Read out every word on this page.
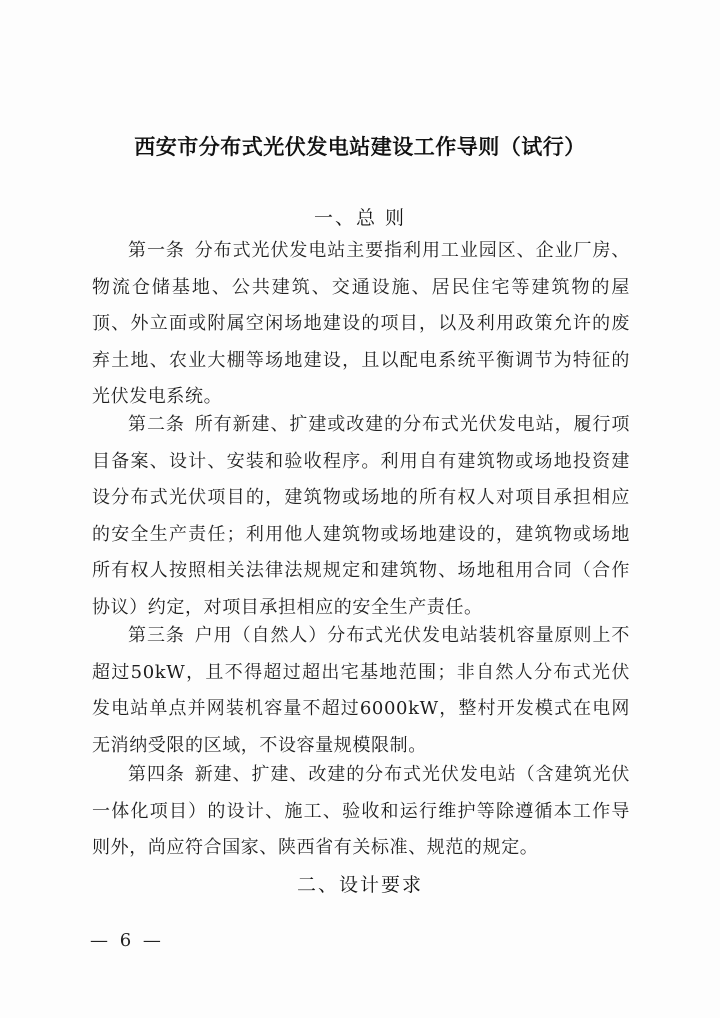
西安市分布式光伏发电站建设工作导则（试行）
一、总 则

第一条 分布式光伏发电站主要指利用工业园区、企业厂房、物流仓储基地、公共建筑、交通设施、居民住宅等建筑物的屋顶、外立面或附属空闲场地建设的项目，以及利用政策允许的废弃土地、农业大棚等场地建设，且以配电系统平衡调节为特征的光伏发电系统。

第二条 所有新建、扩建或改建的分布式光伏发电站，履行项目备案、设计、安装和验收程序。利用自有建筑物或场地投资建设分布式光伏项目的，建筑物或场地的所有权人对项目承担相应的安全生产责任；利用他人建筑物或场地建设的，建筑物或场地所有权人按照相关法律法规规定和建筑物、场地租用合同（合作协议）约定，对项目承担相应的安全生产责任。

第三条 户用（自然人）分布式光伏发电站装机容量原则上不超过50kW，且不得超过超出宅基地范围；非自然人分布式光伏发电站单点并网装机容量不超过6000kW，整村开发模式在电网无消纳受限的区域，不设容量规模限制。

第四条 新建、扩建、改建的分布式光伏发电站（含建筑光伏一体化项目）的设计、施工、验收和运行维护等除遵循本工作导则外，尚应符合国家、陕西省有关标准、规范的规定。

二、设计要求
— 6 —
